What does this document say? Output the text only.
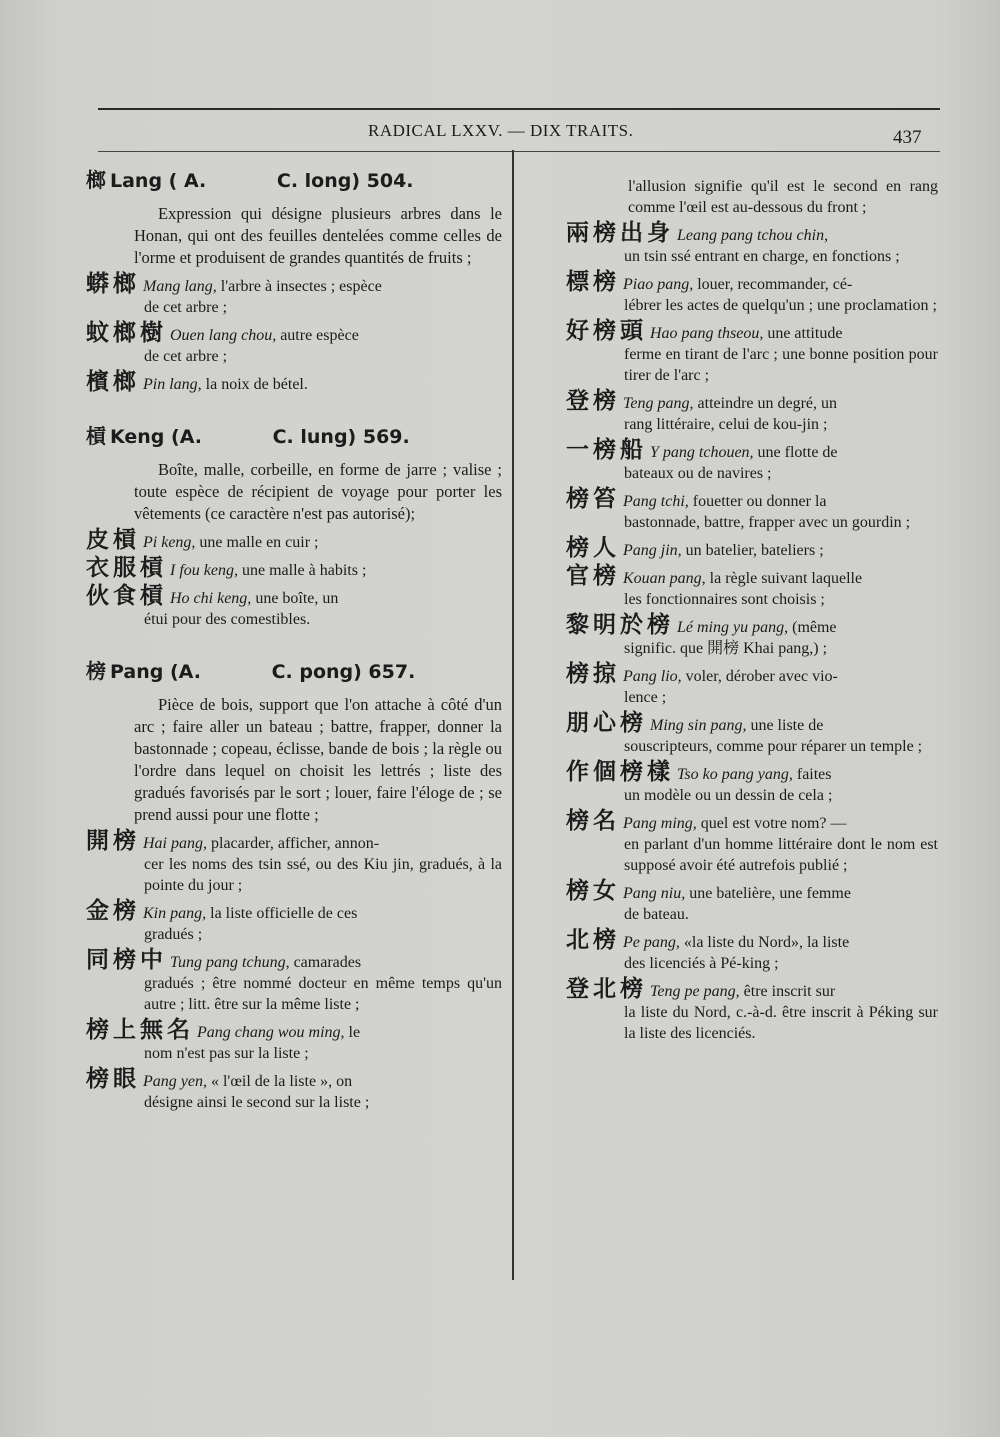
RADICAL LXXV. — DIX TRAITS.	437
榔 Lang ( A.	C. long) 504.
Expression qui désigne plusieurs arbres dans le Honan, qui ont des feuilles dentelées comme celles de l'orme et produisent de grandes quantités de fruits ;
蟒榔 Mang lang, l'arbre à insectes ; espèce
de cet arbre ;
蚊榔樹 Ouen lang chou, autre espèce
de cet arbre ;
檳榔 Pin lang, la noix de bétel.
槓 Keng (A.	C. lung) 569.
Boîte, malle, corbeille, en forme de jarre ; valise ; toute espèce de récipient de voyage pour porter les vêtements (ce caractère n'est pas autorisé);
皮槓 Pi keng, une malle en cuir ;
衣服槓 I fou keng, une malle à habits ;
伙食槓 Ho chi keng, une boîte, un
étui pour des comestibles.
榜 Pang (A.	C. pong) 657.
Pièce de bois, support que l'on attache à côté d'un arc ; faire aller un bateau ; battre, frapper, donner la bastonnade ; copeau, éclisse, bande de bois ; la règle ou l'ordre dans lequel on choisit les lettrés ; liste des gradués favorisés par le sort ; louer, faire l'éloge de ; se prend aussi pour une flotte ;
開榜 Hai pang, placarder, afficher, annon-
cer les noms des tsin ssé, ou des Kiu jin, gradués, à la pointe du jour ;
金榜 Kin pang, la liste officielle de ces
gradués ;
同榜中 Tung pang tchung, camarades
gradués ; être nommé docteur en même temps qu'un autre ; litt. être sur la même liste ;
榜上無名 Pang chang wou ming, le
nom n'est pas sur la liste ;
榜眼 Pang yen, « l'œil de la liste », on
désigne ainsi le second sur la liste ;
l'allusion signifie qu'il est le second en rang comme l'œil est au-dessous du front ;
兩榜出身 Leang pang tchou chin,
un tsin ssé entrant en charge, en fonctions ;
標榜 Piao pang, louer, recommander, cé-
lébrer les actes de quelqu'un ; une proclamation ;
好榜頭 Hao pang thseou, une attitude
ferme en tirant de l'arc ; une bonne position pour tirer de l'arc ;
登榜 Teng pang, atteindre un degré, un
rang littéraire, celui de kou-jin ;
一榜船 Y pang tchouen, une flotte de
bateaux ou de navires ;
榜笞 Pang tchi, fouetter ou donner la
bastonnade, battre, frapper avec un gourdin ;
榜人 Pang jin, un batelier, bateliers ;
官榜 Kouan pang, la règle suivant laquelle
les fonctionnaires sont choisis ;
黎明於榜 Lé ming yu pang, (même
signific. que 開榜 Khai pang,) ;
榜掠 Pang lio, voler, dérober avec vio-
lence ;
朋心榜 Ming sin pang, une liste de
souscripteurs, comme pour réparer un temple ;
作個榜樣 Tso ko pang yang, faites
un modèle ou un dessin de cela ;
榜名 Pang ming, quel est votre nom? —
en parlant d'un homme littéraire dont le nom est supposé avoir été autrefois publié ;
榜女 Pang niu, une batelière, une femme
de bateau.
北榜 Pe pang, «la liste du Nord», la liste
des licenciés à Pé-king ;
登北榜 Teng pe pang, être inscrit sur
la liste du Nord, c.-à-d. être inscrit à Péking sur la liste des licenciés.
